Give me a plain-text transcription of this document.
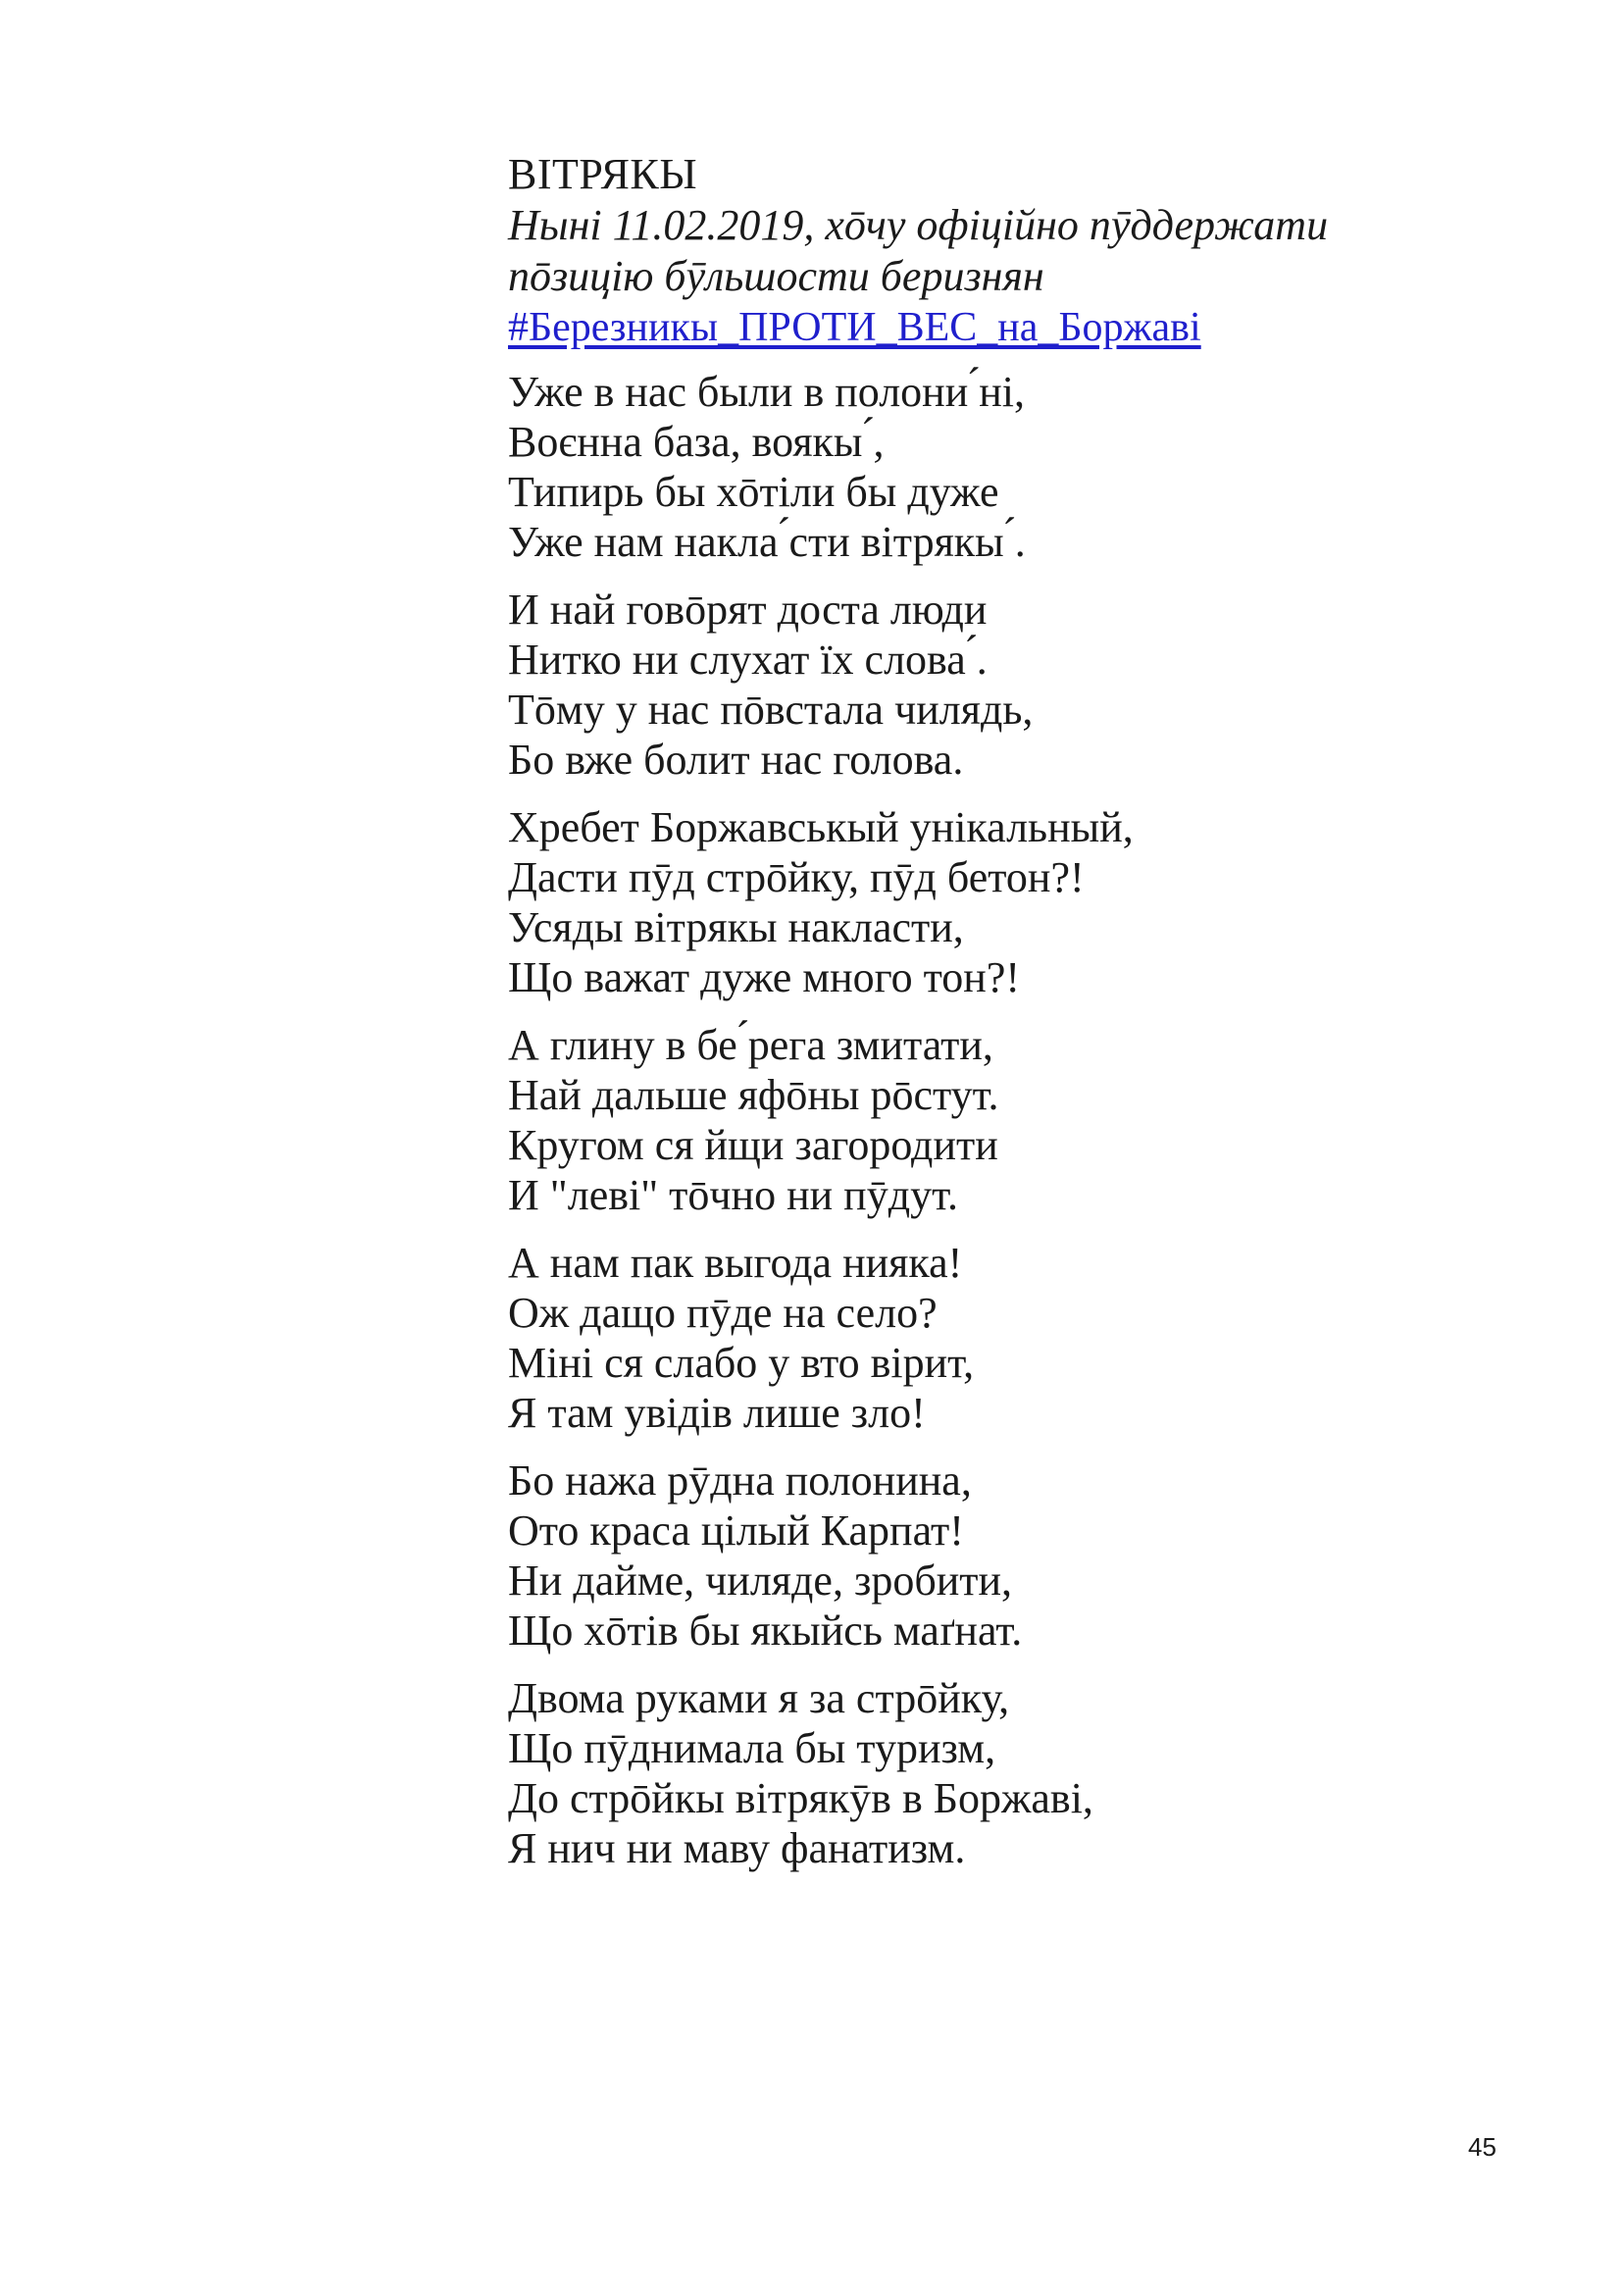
ВІТРЯКЫ

Нынi 11.02.2019, хōчу офіційно пӯддержати

пōзицію бӯльшости беризнян

#Березникы_ПРОТИ_ВЕС_на_Боржаві
Уже в нас были в полони ́ні,
Воєнна база, воякы ́,
Типирь бы хōтіли бы дуже
Уже нам накла ́сти вітрякы ́.
И най говōрят доста люди
Нитко ни слухат їх слова ́.
Тōму у нас пōвстала чилядь,
Бо вже болит нас голова.
Хребет Боржавськый унікальный,
Дасти пӯд стрōйку, пӯд бетон?!
Усяды вітрякы накласти,
Що важат дуже много тон?!
А глину в бе ́рега змитати,
Най дальше яфōны рōстут.
Кругом ся йщи загородити
И "леві" тōчно ни пӯдут.
А нам пак выгода нияка!
Ож дащо пӯде на село?
Міні ся слабо у вто вірит,
Я там увідів лише зло!
Бо нажа рӯдна полонина,
Ото краса цілый Карпат!
Ни дайме, чиляде, зробити,
Що хōтів бы якыйсь маґнат.
Двома руками я за стрōйку,
Що пӯднимала бы туризм,
До стрōйкы вітрякӯв в Боржаві,
Я нич ни маву фанатизм.
45
